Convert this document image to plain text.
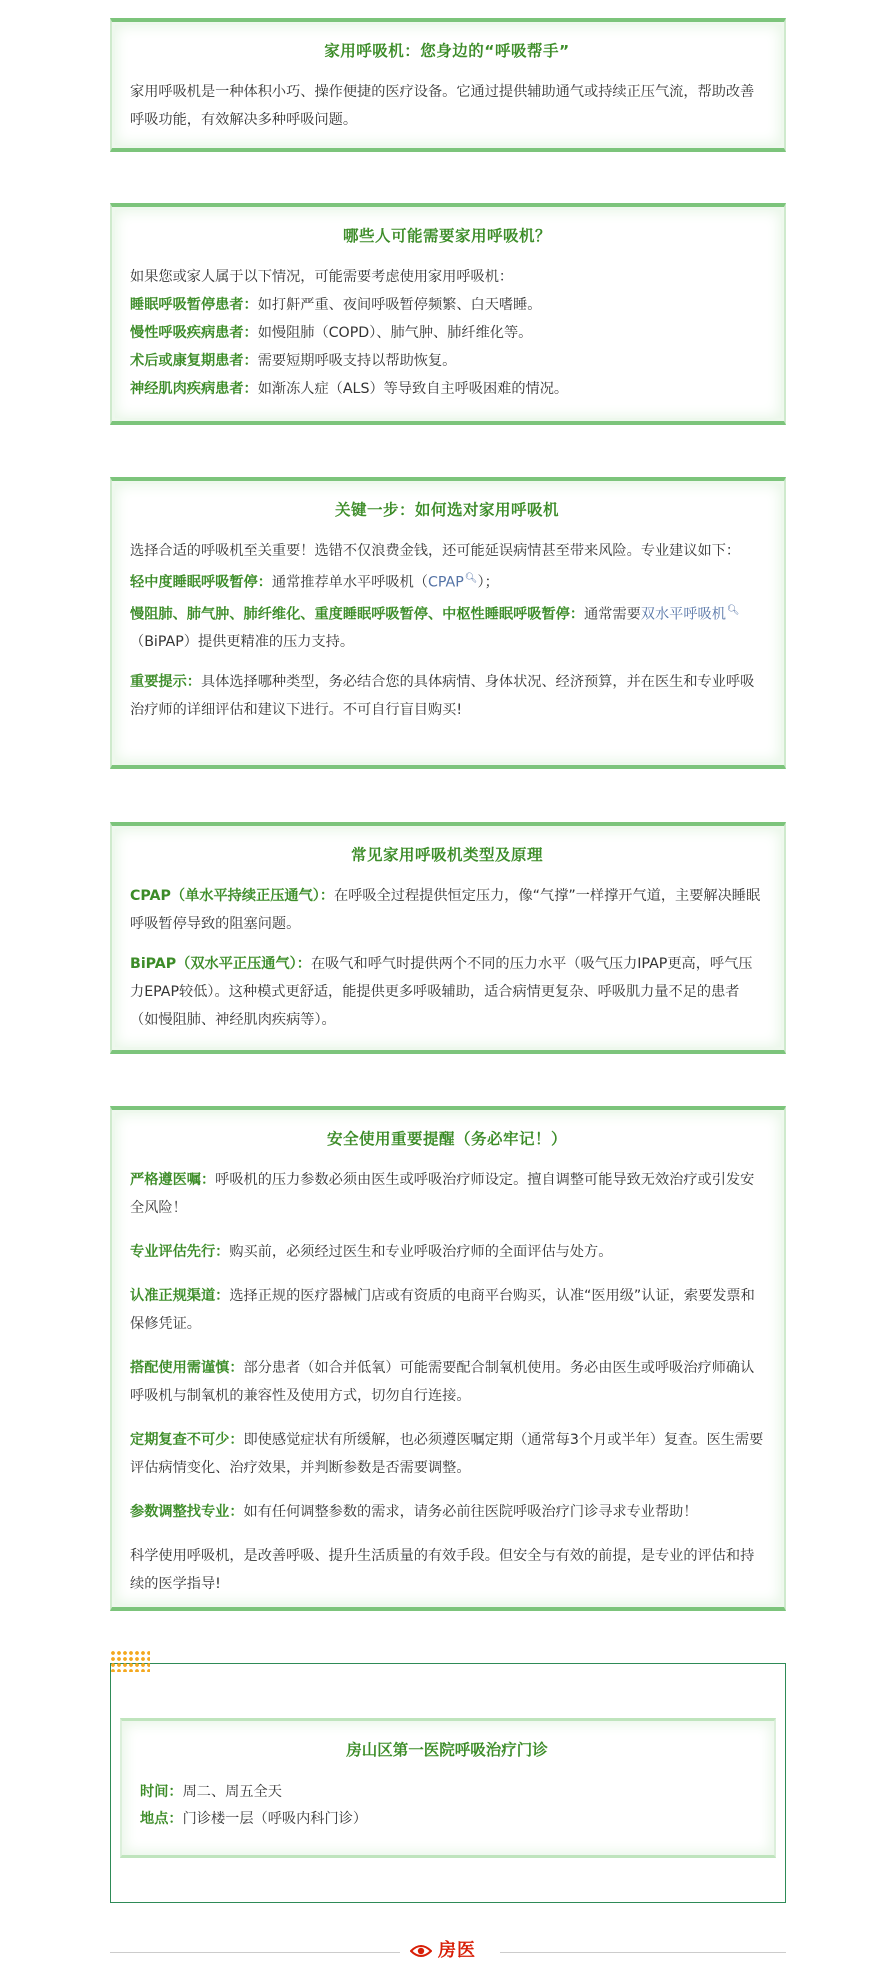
家用呼吸机：您身边的“呼吸帮手”

家用呼吸机是一种体积小巧、操作便捷的医疗设备。它通过提供辅助通气或持续正压气流，帮助改善呼吸功能，有效解决多种呼吸问题。

哪些人可能需要家用呼吸机？

如果您或家人属于以下情况，可能需要考虑使用家用呼吸机：

睡眠呼吸暂停患者：如打鼾严重、夜间呼吸暂停频繁、白天嗜睡。

慢性呼吸疾病患者：如慢阻肺（COPD）、肺气肿、肺纤维化等。

术后或康复期患者：需要短期呼吸支持以帮助恢复。

神经肌肉疾病患者：如渐冻人症（ALS）等导致自主呼吸困难的情况。

关键一步：如何选对家用呼吸机

选择合适的呼吸机至关重要！选错不仅浪费金钱，还可能延误病情甚至带来风险。专业建议如下：

轻中度睡眠呼吸暂停：通常推荐单水平呼吸机（CPAP🔍︎）；

慢阻肺、肺气肿、肺纤维化、重度睡眠呼吸暂停、中枢性睡眠呼吸暂停：通常需要双水平呼吸机🔍︎（BiPAP）提供更精准的压力支持。

重要提示：具体选择哪种类型，务必结合您的具体病情、身体状况、经济预算，并在医生和专业呼吸治疗师的详细评估和建议下进行。不可自行盲目购买!

常见家用呼吸机类型及原理

CPAP（单水平持续正压通气）：在呼吸全过程提供恒定压力，像“气撑”一样撑开气道，主要解决睡眠呼吸暂停导致的阻塞问题。

BiPAP（双水平正压通气）：在吸气和呼气时提供两个不同的压力水平（吸气压力IPAP更高，呼气压力EPAP较低）。这种模式更舒适，能提供更多呼吸辅助，适合病情更复杂、呼吸肌力量不足的患者（如慢阻肺、神经肌肉疾病等）。

安全使用重要提醒（务必牢记！）

严格遵医嘱：呼吸机的压力参数必须由医生或呼吸治疗师设定。擅自调整可能导致无效治疗或引发安全风险！

专业评估先行：购买前，必须经过医生和专业呼吸治疗师的全面评估与处方。

认准正规渠道：选择正规的医疗器械门店或有资质的电商平台购买，认准“医用级”认证，索要发票和保修凭证。

搭配使用需谨慎：部分患者（如合并低氧）可能需要配合制氧机使用。务必由医生或呼吸治疗师确认呼吸机与制氧机的兼容性及使用方式，切勿自行连接。

定期复查不可少：即使感觉症状有所缓解，也必须遵医嘱定期（通常每3个月或半年）复查。医生需要评估病情变化、治疗效果，并判断参数是否需要调整。

参数调整找专业：如有任何调整参数的需求，请务必前往医院呼吸治疗门诊寻求专业帮助！

科学使用呼吸机，是改善呼吸、提升生活质量的有效手段。但安全与有效的前提，是专业的评估和持续的医学指导!

房山区第一医院呼吸治疗门诊

时间：周二、周五全天

地点：门诊楼一层（呼吸内科门诊）

房医
